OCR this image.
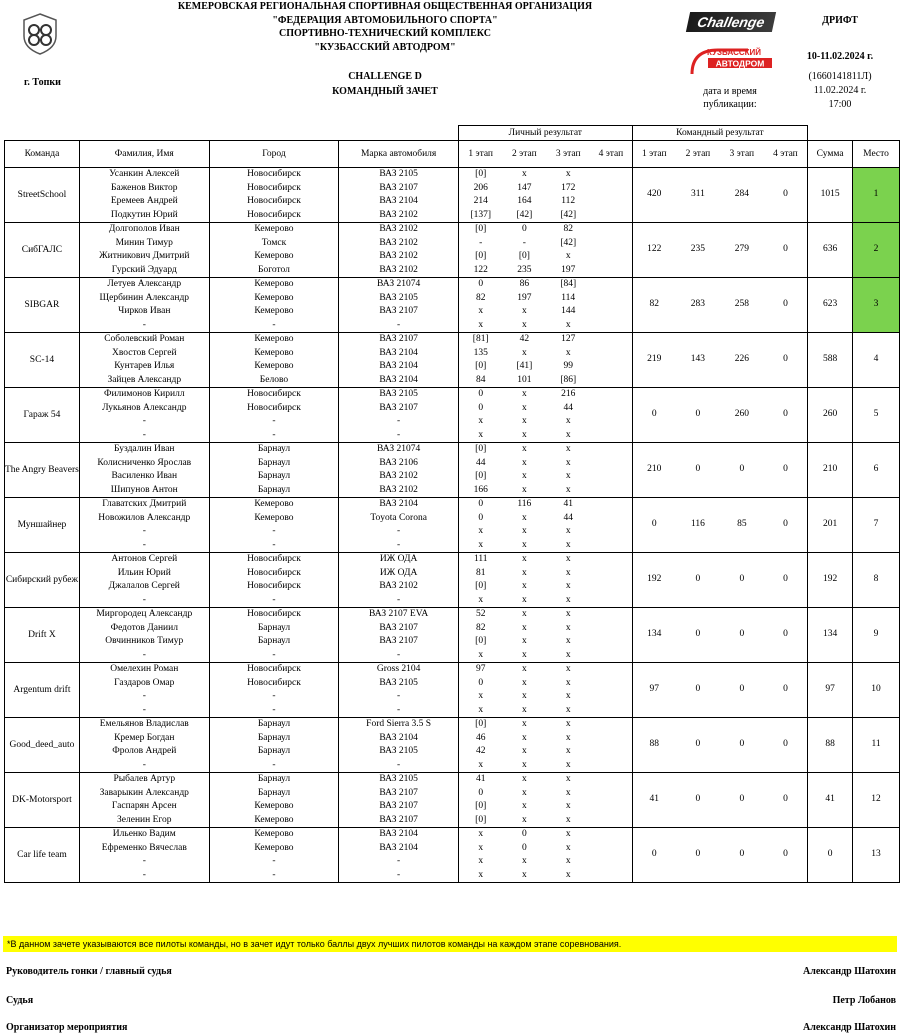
КЕМЕРОВСКАЯ РЕГИОНАЛЬНАЯ СПОРТИВНАЯ ОБЩЕСТВЕННАЯ ОРГАНИЗАЦИЯ
"ФЕДЕРАЦИЯ АВТОМОБИЛЬНОГО СПОРТА"
СПОРТИВНО-ТЕХНИЧЕСКИЙ КОМПЛЕКС
"КУЗБАССКИЙ АВТОДРОМ"
г. Топки
CHALLENGE D
КОМАНДНЫЙ ЗАЧЕТ
Challenge
КУЗБАССКИЙ
АВТОДРОМ
ДРИФТ
10-11.02.2024 г.
(1660141811Л)
дата и время
публикации:
11.02.2024 г.
17:00
				Личный результат				Командный результат					
Команда	Фамилия, Имя	Город	Марка автомобиля	1 этап	2 этап	3 этап	4 этап	1 этап	2 этап	3 этап	4 этап	Сумма	Место
StreetSchool	Усанкин Алексей	Новосибирск	ВАЗ 2105	[0]	x	x		420	311	284	0	1015	1
	Баженов Виктор	Новосибирск	ВАЗ 2107	206	147	172							
	Еремеев Андрей	Новосибирск	ВАЗ 2104	214	164	112							
	Подкутин Юрий	Новосибирск	ВАЗ 2102	[137]	[42]	[42]							
СибГАЛС	Долгополов Иван	Кемерово	ВАЗ 2102	[0]	0	82		122	235	279	0	636	2
	Минин Тимур	Томск	ВАЗ 2102	-	-	[42]							
	Житникович Дмитрий	Кемерово	ВАЗ 2102	[0]	[0]	x							
	Гурский Эдуард	Боготол	ВАЗ 2102	122	235	197							
SIBGAR	Летуев Александр	Кемерово	ВАЗ 21074	0	86	[84]		82	283	258	0	623	3
	Щербинин Александр	Кемерово	ВАЗ 2105	82	197	114							
	Чирков Иван	Кемерово	ВАЗ 2107	x	x	144							
	-	-	-	x	x	x							
SC-14	Соболевский Роман	Кемерово	ВАЗ 2107	[81]	42	127		219	143	226	0	588	4
	Хвостов Сергей	Кемерово	ВАЗ 2104	135	x	x							
	Кунтарев Илья	Кемерово	ВАЗ 2104	[0]	[41]	99							
	Зайцев Александр	Белово	ВАЗ 2104	84	101	[86]							
Гараж 54	Филимонов Кирилл	Новосибирск	ВАЗ 2105	0	x	216		0	0	260	0	260	5
	Лукьянов Александр	Новосибирск	ВАЗ 2107	0	x	44							
	-	-	-	x	x	x							
	-	-	-	x	x	x							
The Angry Beavers	Буздалин Иван	Барнаул	ВАЗ 21074	[0]	x	x		210	0	0	0	210	6
	Колисниченко Ярослав	Барнаул	ВАЗ 2106	44	x	x							
	Василенко Иван	Барнаул	ВАЗ 2102	[0]	x	x							
	Шипунов Антон	Барнаул	ВАЗ 2102	166	x	x							
Муншайнер	Главатских Дмитрий	Кемерово	ВАЗ 2104	0	116	41		0	116	85	0	201	7
	Новожилов Александр	Кемерово	Toyota Corona	0	x	44							
	-	-	-	x	x	x							
	-	-	-	x	x	x							
Сибирский рубеж	Антонов Сергей	Новосибирск	ИЖ ОДА	111	x	x		192	0	0	0	192	8
	Ильин Юрий	Новосибирск	ИЖ ОДА	81	x	x							
	Джалалов Сергей	Новосибирск	ВАЗ 2102	[0]	x	x							
	-	-	-	x	x	x							
Drift X	Миргородец Александр	Новосибирск	ВАЗ 2107 EVA	52	x	x		134	0	0	0	134	9
	Федотов Даниил	Барнаул	ВАЗ 2107	82	x	x							
	Овчинников Тимур	Барнаул	ВАЗ 2107	[0]	x	x							
	-	-	-	x	x	x							
Argentum drift	Омелехин Роман	Новосибирск	Gross 2104	97	x	x		97	0	0	0	97	10
	Газдаров Омар	Новосибирск	ВАЗ 2105	0	x	x							
	-	-	-	x	x	x							
	-	-	-	x	x	x							
Good_deed_auto	Емельянов Владислав	Барнаул	Ford Sierra 3.5 S	[0]	x	x		88	0	0	0	88	11
	Кремер Богдан	Барнаул	ВАЗ 2104	46	x	x							
	Фролов Андрей	Барнаул	ВАЗ 2105	42	x	x							
	-	-	-	x	x	x							
DK-Motorsport	Рыбалев Артур	Барнаул	ВАЗ 2105	41	x	x		41	0	0	0	41	12
	Заварыкин Александр	Барнаул	ВАЗ 2107	0	x	x							
	Гаспарян Арсен	Кемерово	ВАЗ 2107	[0]	x	x							
	Зеленин Егор	Кемерово	ВАЗ 2107	[0]	x	x							
Car life team	Ильенко Вадим	Кемерово	ВАЗ 2104	x	0	x		0	0	0	0	0	13
	Ефременко Вячеслав	Кемерово	ВАЗ 2104	x	0	x							
	-	-	-	x	x	x							
	-	-	-	x	x	x							
*В данном зачете указываются все пилоты команды, но в зачет идут только баллы двух лучших пилотов команды на каждом этапе соревнования.
Руководитель гонки / главный судья	Александр Шатохин
Судья	Петр Лобанов
Организатор мероприятия	Александр Шатохин
